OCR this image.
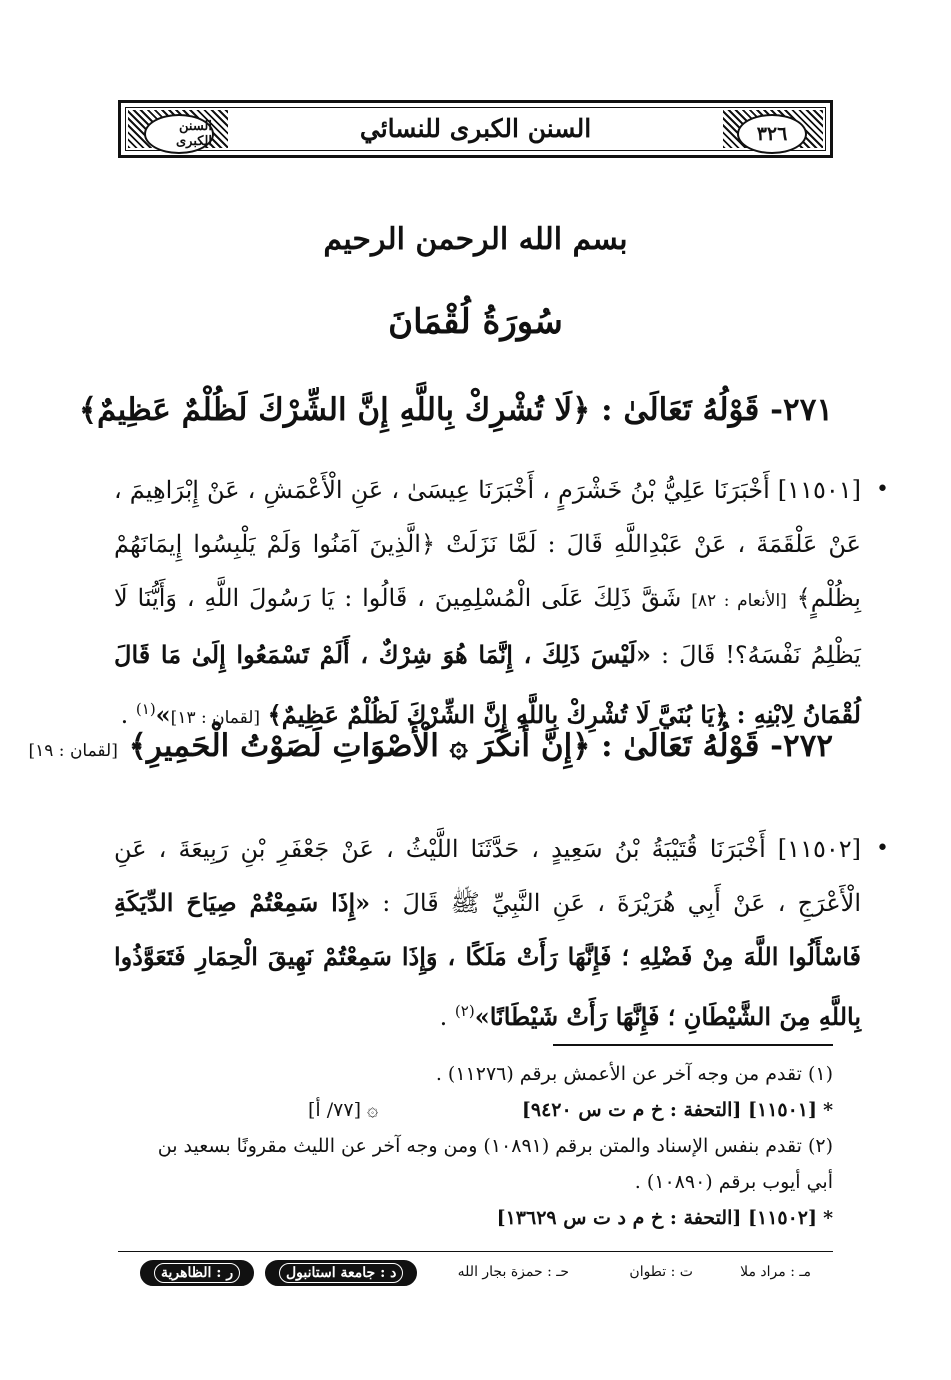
السنن الكبرى	٣٢٦
السنن الكبرى للنسائي
بسم الله الرحمن الرحيم
سُورَةُ لُقْمَانَ
٢٧١- قَوْلُهُ تَعَالَىٰ : ﴿لَا تُشْرِكْ بِاللَّهِ إِنَّ الشِّرْكَ لَظُلْمٌ عَظِيمٌ﴾
•
[١١٥٠١] أَخْبَرَنَا عَلِيُّ بْنُ خَشْرَمٍ ، أَخْبَرَنَا عِيسَىٰ ، عَنِ الْأَعْمَشِ ، عَنْ إِبْرَاهِيمَ ، عَنْ عَلْقَمَةَ ، عَنْ عَبْدِاللَّهِ قَالَ : لَمَّا نَزَلَتْ ﴿الَّذِينَ آمَنُوا وَلَمْ يَلْبِسُوا إِيمَانَهُمْ بِظُلْمٍ﴾ [الأنعام : ٨٢] شَقَّ ذَلِكَ عَلَى الْمُسْلِمِينَ ، قَالُوا : يَا رَسُولَ اللَّهِ ، وَأَيُّنَا لَا يَظْلِمُ نَفْسَهُ؟! قَالَ : «لَيْسَ ذَلِكَ ، إِنَّمَا هُوَ شِرْكٌ ، أَلَمْ تَسْمَعُوا إِلَىٰ مَا قَالَ لُقْمَانُ لِابْنِهِ : ﴿يَا بُنَيَّ لَا تُشْرِكْ بِاللَّهِ إِنَّ الشِّرْكَ لَظُلْمٌ عَظِيمٌ﴾ [لقمان : ١٣]»$^{(١)}$ .
٢٧٢- قَوْلُهُ تَعَالَىٰ : ﴿إِنَّ أَنكَرَ ۞ الْأَصْوَاتِ لَصَوْتُ الْحَمِيرِ﴾ [لقمان : ١٩]
•
[١١٥٠٢] أَخْبَرَنَا قُتَيْبَةُ بْنُ سَعِيدٍ ، حَدَّثَنَا اللَّيْثُ ، عَنْ جَعْفَرِ بْنِ رَبِيعَةَ ، عَنِ الْأَعْرَجِ ، عَنْ أَبِي هُرَيْرَةَ ، عَنِ النَّبِيِّ ﷺ قَالَ : «إِذَا سَمِعْتُمْ صِيَاحَ الدِّيَكَةِ فَاسْأَلُوا اللَّهَ مِنْ فَضْلِهِ ؛ فَإِنَّهَا رَأَتْ مَلَكًا ، وَإِذَا سَمِعْتُمْ نَهِيقَ الْحِمَارِ فَتَعَوَّذُوا بِاللَّهِ مِنَ الشَّيْطَانِ ؛ فَإِنَّهَا رَأَتْ شَيْطَانًا»$^{(٢)}$ .
(١) تقدم من وجه آخر عن الأعمش برقم (١١٢٧٦) .
* [١١٥٠١] [التحفة : خ م ت س ٩٤٢٠]
۞ [٧٧/ أ]
(٢) تقدم بنفس الإسناد والمتن برقم (١٠٨٩١) ومن وجه آخر عن الليث مقرونًا بسعيد بن
أبي أيوب برقم (١٠٨٩٠) .
* [١١٥٠٢] [التحفة : خ م د ت س ١٣٦٢٩]
مـ : مراد ملا
ت : تطوان
حـ : حمزة بجار الله
د : جامعة استانبول
ر : الظاهرية
